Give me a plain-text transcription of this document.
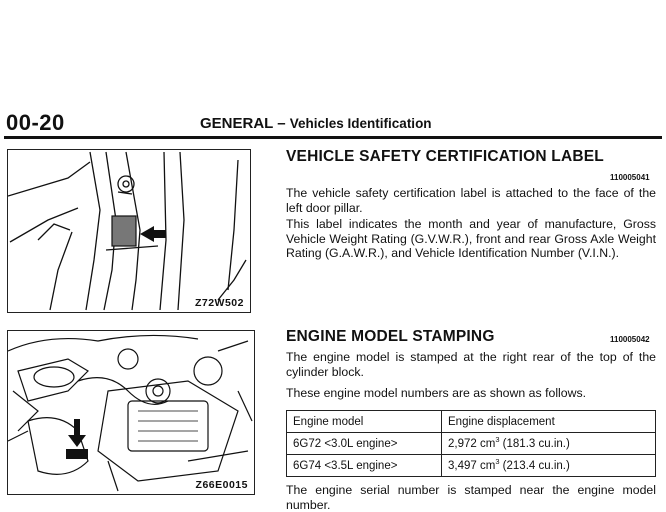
00-20	GENERAL – Vehicles Identification
Z72W502
Z66E0015
VEHICLE SAFETY CERTIFICATION LABEL
110005041
The vehicle safety certification label is attached to the face of the left door pillar.
This label indicates the month and year of manufacture, Gross Vehicle Weight Rating (G.V.W.R.), front and rear Gross Axle Weight Rating (G.A.W.R.), and Vehicle Identification Number (V.I.N.).
ENGINE MODEL STAMPING	110005042
The engine model is stamped at the right rear of the top of the cylinder block.
These engine model numbers are as shown as follows.
Engine model	Engine displacement
6G72 <3.0L engine>	2,972 $cm^3$ (181.3 cu.in.)
6G74 <3.5L engine>	3,497 $cm^3$ (213.4 cu.in.)
The engine serial number is stamped near the engine model number.
